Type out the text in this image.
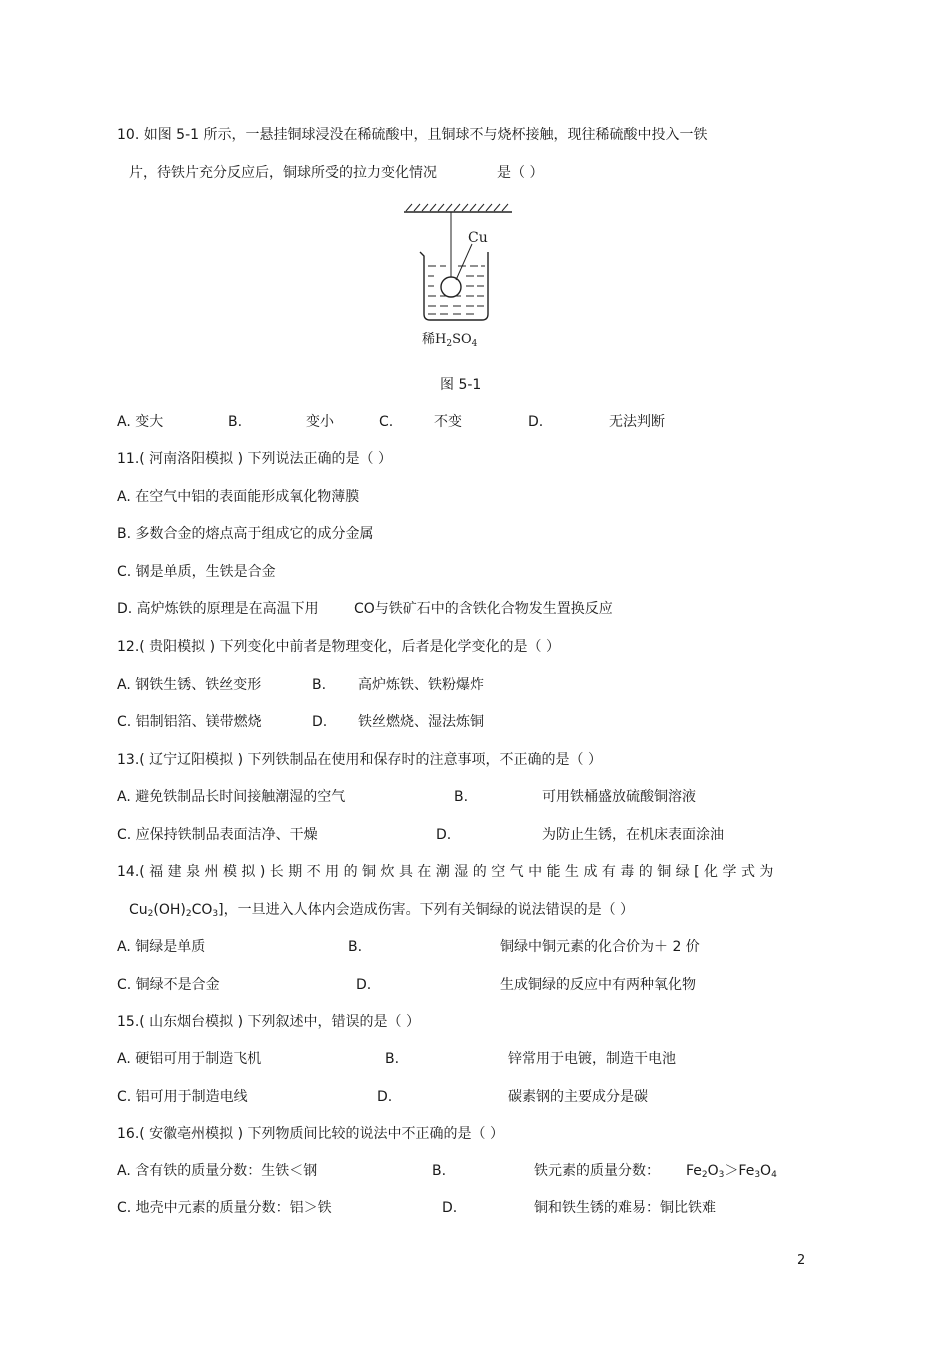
10. 如图 5-1 所示，一悬挂铜球浸没在稀硫酸中，且铜球不与烧杯接触，现往稀硫酸中投入一铁
片，待铁片充分反应后，铜球所受的拉力变化情况	是（ ）
Cu
稀$H_2SO_4$
图 5-1
A. 变大	B.	变小	C.	不变	D.	无法判断
11.( 河南洛阳模拟 ) 下列说法正确的是（ ）
A. 在空气中铝的表面能形成氧化物薄膜
B. 多数合金的熔点高于组成它的成分金属
C. 钢是单质，生铁是合金
D. 高炉炼铁的原理是在高温下用	CO与铁矿石中的含铁化合物发生置换反应
12.( 贵阳模拟 ) 下列变化中前者是物理变化，后者是化学变化的是（ ）
A. 钢铁生锈、铁丝变形	B. 高炉炼铁、铁粉爆炸
C. 铝制铝箔、镁带燃烧	D. 铁丝燃烧、湿法炼铜
13.( 辽宁辽阳模拟 ) 下列铁制品在使用和保存时的注意事项，不正确的是（ ）
A. 避免铁制品长时间接触潮湿的空气	B.	可用铁桶盛放硫酸铜溶液
C. 应保持铁制品表面洁净、干燥	D.	为防止生锈，在机床表面涂油
14.( 福 建 泉 州 模 拟 ) 长 期 不 用 的 铜 炊 具 在 潮 湿 的 空 气 中 能 生 成 有 毒 的 铜 绿 [ 化 学 式 为
$Cu_2(OH)_2CO_3$]，一旦进入人体内会造成伤害。下列有关铜绿的说法错误的是（ ）
A. 铜绿是单质	B.	铜绿中铜元素的化合价为＋ 2 价
C. 铜绿不是合金	D.	生成铜绿的反应中有两种氧化物
15.( 山东烟台模拟 ) 下列叙述中，错误的是（ ）
A. 硬铝可用于制造飞机	B.	锌常用于电镀，制造干电池
C. 铝可用于制造电线	D.	碳素钢的主要成分是碳
16.( 安徽亳州模拟 ) 下列物质间比较的说法中不正确的是（ ）
A. 含有铁的质量分数：生铁＜钢	B.	铁元素的质量分数： $Fe_2O_3>Fe_3O_4$
C. 地壳中元素的质量分数：铝＞铁	D.	铜和铁生锈的难易：铜比铁难
2
